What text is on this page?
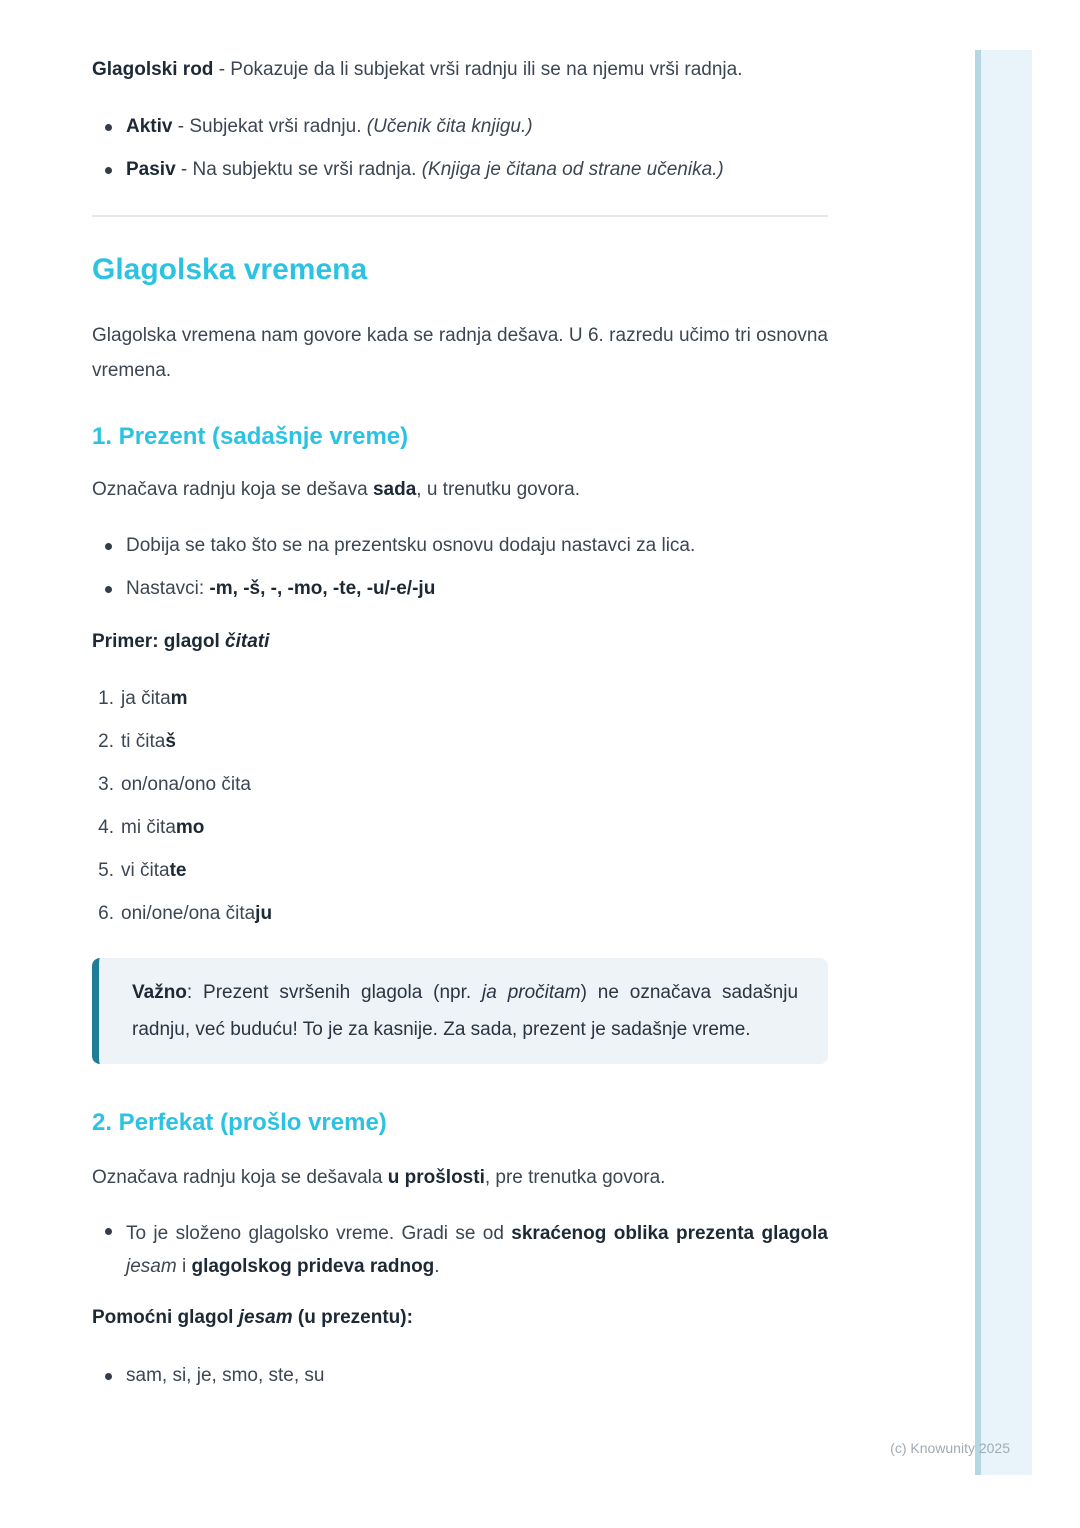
Glagolski rod - Pokazuje da li subjekat vrši radnju ili se na njemu vrši radnja.

Aktiv - Subjekat vrši radnju. (Učenik čita knjigu.)
Pasiv - Na subjektu se vrši radnja. (Knjiga je čitana od strane učenika.)
Glagolska vremena

Glagolska vremena nam govore kada se radnja dešava. U 6. razredu učimo tri osnovna vremena.

1. Prezent (sadašnje vreme)

Označava radnju koja se dešava sada, u trenutku govora.

Dobija se tako što se na prezentsku osnovu dodaju nastavci za lica.
Nastavci: -m, -š, -, -mo, -te, -u/-e/-ju

Primer: glagol čitati

1. ja čitam
2. ti čitaš
3. on/ona/ono čita
4. mi čitamo
5. vi čitate
6. oni/one/ona čitaju

Važno: Prezent svršenih glagola (npr. ja pročitam) ne označava sadašnju radnju, već buduću! To je za kasnije. Za sada, prezent je sadašnje vreme.

2. Perfekat (prošlo vreme)

Označava radnju koja se dešavala u prošlosti, pre trenutka govora.

To je složeno glagolsko vreme. Gradi se od skraćenog oblika prezenta glagola jesam i glagolskog prideva radnog.

Pomoćni glagol jesam (u prezentu):

sam, si, je, smo, ste, su
(c) Knowunity 2025
